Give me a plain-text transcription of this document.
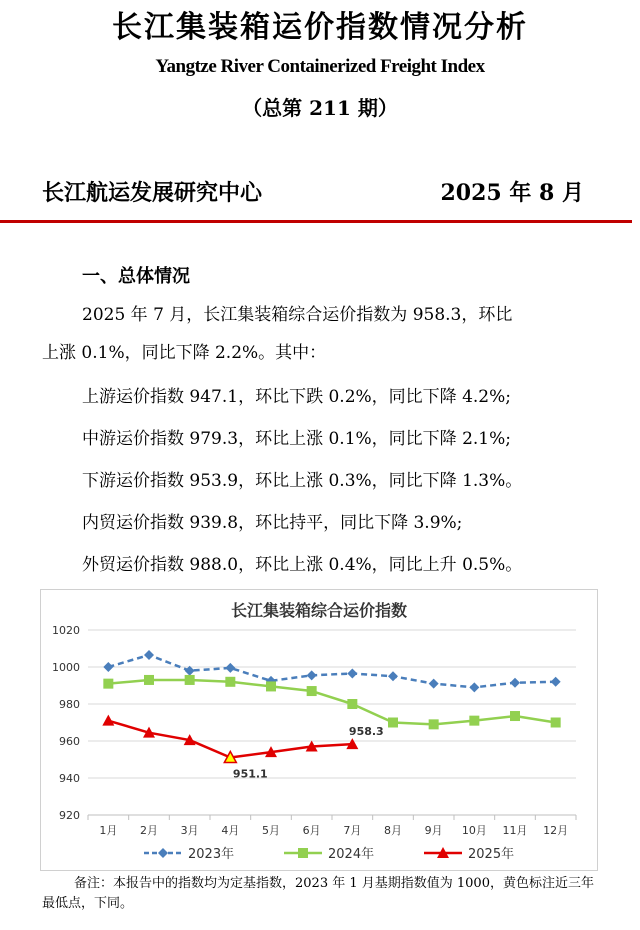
长江集装箱运价指数情况分析
Yangtze River Containerized Freight Index
（总第 211 期）
长江航运发展研究中心	2025 年 8 月
一、总体情况
2025 年 7 月，长江集装箱综合运价指数为 958.3，环比
上涨 0.1%，同比下降 2.2%。其中：
上游运价指数 947.1，环比下跌 0.2%，同比下降 4.2%;
中游运价指数 979.3，环比上涨 0.1%，同比下降 2.1%;
下游运价指数 953.9，环比上涨 0.3%，同比下降 1.3%。
内贸运价指数 939.8，环比持平，同比下降 3.9%;
外贸运价指数 988.0，环比上涨 0.4%，同比上升 0.5%。
长江集装箱综合运价指数
920
940
960
980
1000
1020
1月 2月 3月 4月 5月 6月 7月 8月 9月 10月 11月 12月
951.1
958.3
2023年	2024年	2025年
备注：本报告中的指数均为定基指数，2023 年 1 月基期指数值为 1000，黄色标注近三年最低点，下同。
